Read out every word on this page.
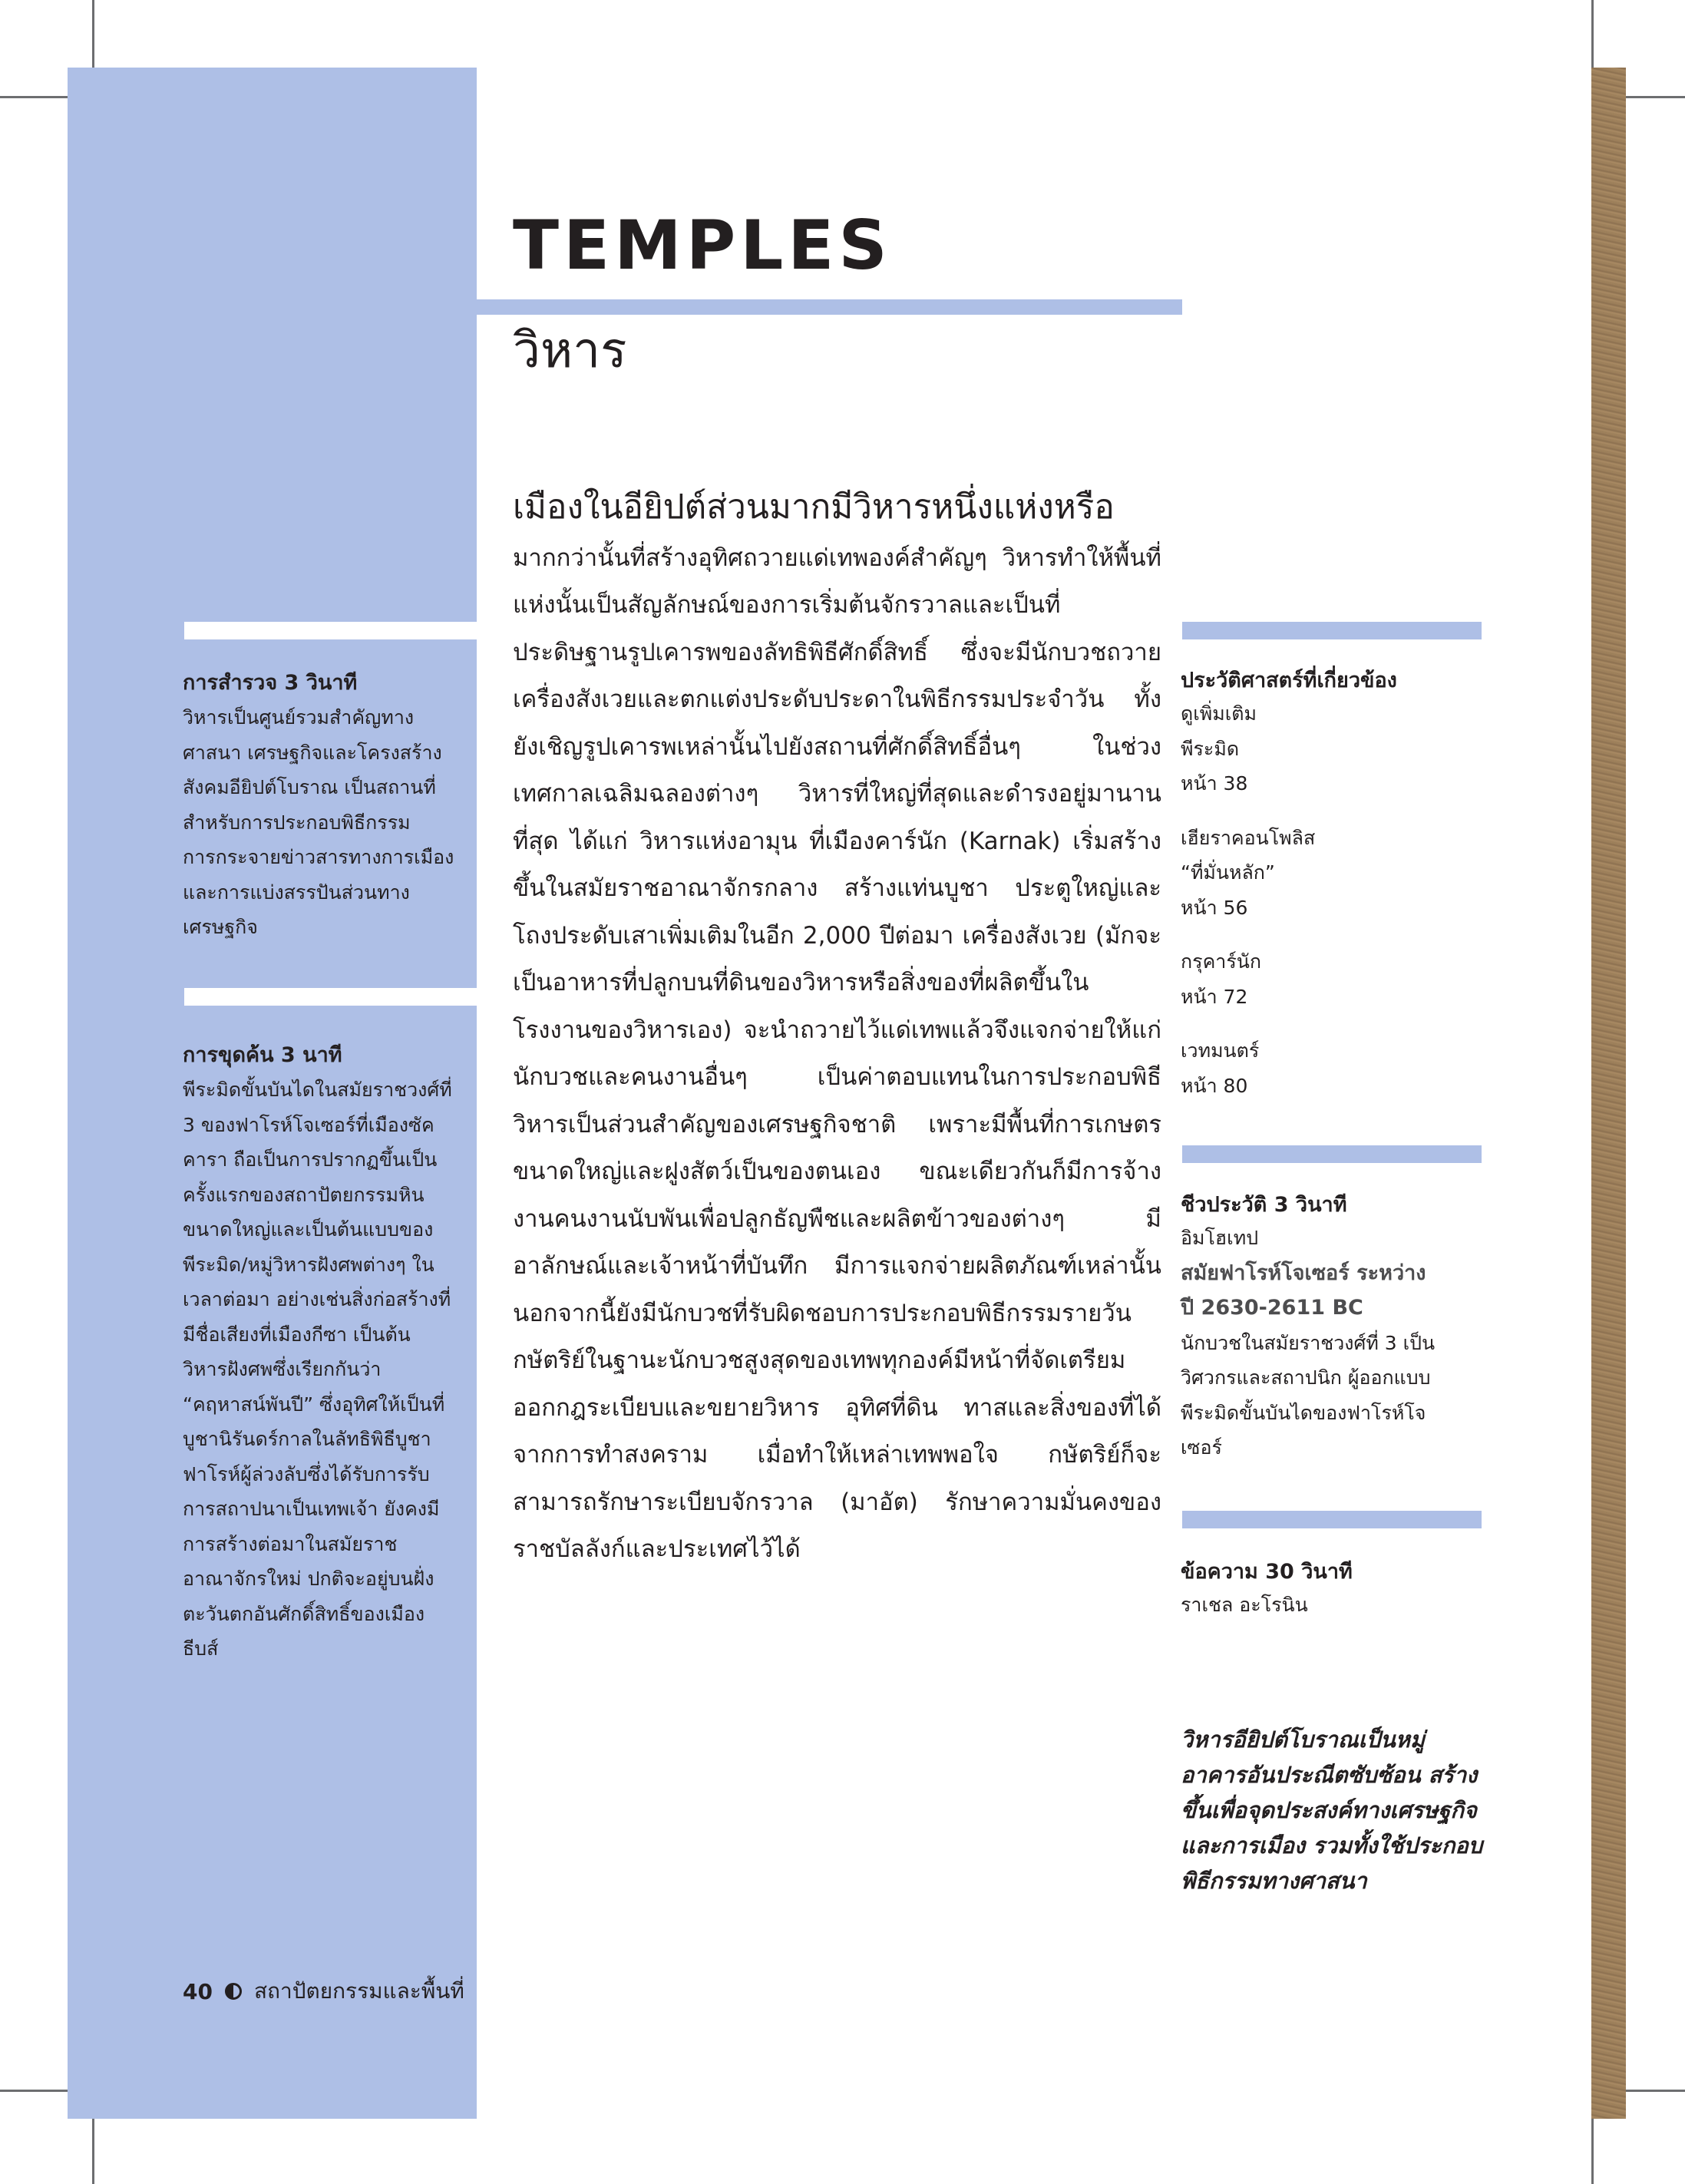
TEMPLES
วิหาร
เมืองในอียิปต์ส่วนมากมีวิหารหนึ่งแห่งหรือ มากกว่านั้นที่สร้างอุทิศถวายแด่เทพองค์สำคัญๆ วิหารทำให้พื้นที่แห่งนั้นเป็นสัญลักษณ์ของการเริ่มต้นจักรวาลและเป็นที่ประดิษฐานรูปเคารพของลัทธิพิธีศักดิ์สิทธิ์ ซึ่งจะมีนักบวชถวายเครื่องสังเวยและตกแต่งประดับประดาในพิธีกรรมประจำวัน ทั้งยังเชิญรูปเคารพเหล่านั้นไปยังสถานที่ศักดิ์สิทธิ์อื่นๆ ในช่วงเทศกาลเฉลิมฉลองต่างๆ วิหารที่ใหญ่ที่สุดและดำรงอยู่มานานที่สุด ได้แก่ วิหารแห่งอามุน ที่เมืองคาร์นัก (Karnak) เริ่มสร้างขึ้นในสมัยราชอาณาจักรกลาง สร้างแท่นบูชา ประตูใหญ่และโถงประดับเสาเพิ่มเติมในอีก 2,000 ปีต่อมา เครื่องสังเวย (มักจะเป็นอาหารที่ปลูกบนที่ดินของวิหารหรือสิ่งของที่ผลิตขึ้นในโรงงานของวิหารเอง) จะนำถวายไว้แด่เทพแล้วจึงแจกจ่ายให้แก่นักบวชและคนงานอื่นๆ เป็นค่าตอบแทนในการประกอบพิธี วิหารเป็นส่วนสำคัญของเศรษฐกิจชาติ เพราะมีพื้นที่การเกษตรขนาดใหญ่และฝูงสัตว์เป็นของตนเอง ขณะเดียวกันก็มีการจ้างงานคนงานนับพันเพื่อปลูกธัญพืชและผลิตข้าวของต่างๆ มีอาลักษณ์และเจ้าหน้าที่บันทึก มีการแจกจ่ายผลิตภัณฑ์เหล่านั้นนอกจากนี้ยังมีนักบวชที่รับผิดชอบการประกอบพิธีกรรมรายวัน กษัตริย์ในฐานะนักบวชสูงสุดของเทพทุกองค์มีหน้าที่จัดเตรียมออกกฎระเบียบและขยายวิหาร อุทิศที่ดิน ทาสและสิ่งของที่ได้จากการทำสงคราม เมื่อทำให้เหล่าเทพพอใจ กษัตริย์ก็จะสามารถรักษาระเบียบจักรวาล (มาอัต) รักษาความมั่นคงของราชบัลลังก์และประเทศไว้ได้

การสำรวจ 3 วินาที

วิหารเป็นศูนย์รวมสำคัญทางศาสนา เศรษฐกิจและโครงสร้างสังคมอียิปต์โบราณ เป็นสถานที่สำหรับการประกอบพิธีกรรม การกระจายข่าวสารทางการเมืองและการแบ่งสรรปันส่วนทางเศรษฐกิจ

การขุดค้น 3 นาที

พีระมิดขั้นบันไดในสมัยราชวงศ์ที่ 3 ของฟาโรห์โจเซอร์ที่เมืองซัคคารา ถือเป็นการปรากฏขึ้นเป็นครั้งแรกของสถาปัตยกรรมหินขนาดใหญ่และเป็นต้นแบบของพีระมิด/หมู่วิหารฝังศพต่างๆ ในเวลาต่อมา อย่างเช่นสิ่งก่อสร้างที่มีชื่อเสียงที่เมืองกีซา เป็นต้น วิหารฝังศพซึ่งเรียกกันว่า “คฤหาสน์พันปี” ซึ่งอุทิศให้เป็นที่บูชานิรันดร์กาลในลัทธิพิธีบูชาฟาโรห์ผู้ล่วงลับซึ่งได้รับการรับการสถาปนาเป็นเทพเจ้า ยังคงมีการสร้างต่อมาในสมัยราชอาณาจักรใหม่ ปกติจะอยู่บนฝั่งตะวันตกอันศักดิ์สิทธิ์ของเมืองธีบส์

ประวัติศาสตร์ที่เกี่ยวข้อง

ดูเพิ่มเติม

พีระมิด

หน้า 38

เฮียราคอนโพลิส

“ที่มั่นหลัก”

หน้า 56

กรุคาร์นัก

หน้า 72

เวทมนตร์

หน้า 80

ชีวประวัติ 3 วินาที

อิมโฮเทป

สมัยฟาโรห์โจเซอร์ ระหว่าง

ปี 2630-2611 BC

นักบวชในสมัยราชวงศ์ที่ 3 เป็นวิศวกรและสถาปนิก ผู้ออกแบบพีระมิดขั้นบันไดของฟาโรห์โจเซอร์

ข้อความ 30 วินาที

ราเชล อะโรนิน

วิหารอียิปต์โบราณเป็นหมู่อาคารอันประณีตซับซ้อน สร้างขึ้นเพื่อจุดประสงค์ทางเศรษฐกิจและการเมือง รวมทั้งใช้ประกอบพิธีกรรมทางศาสนา

40 สถาปัตยกรรมและพื้นที่
